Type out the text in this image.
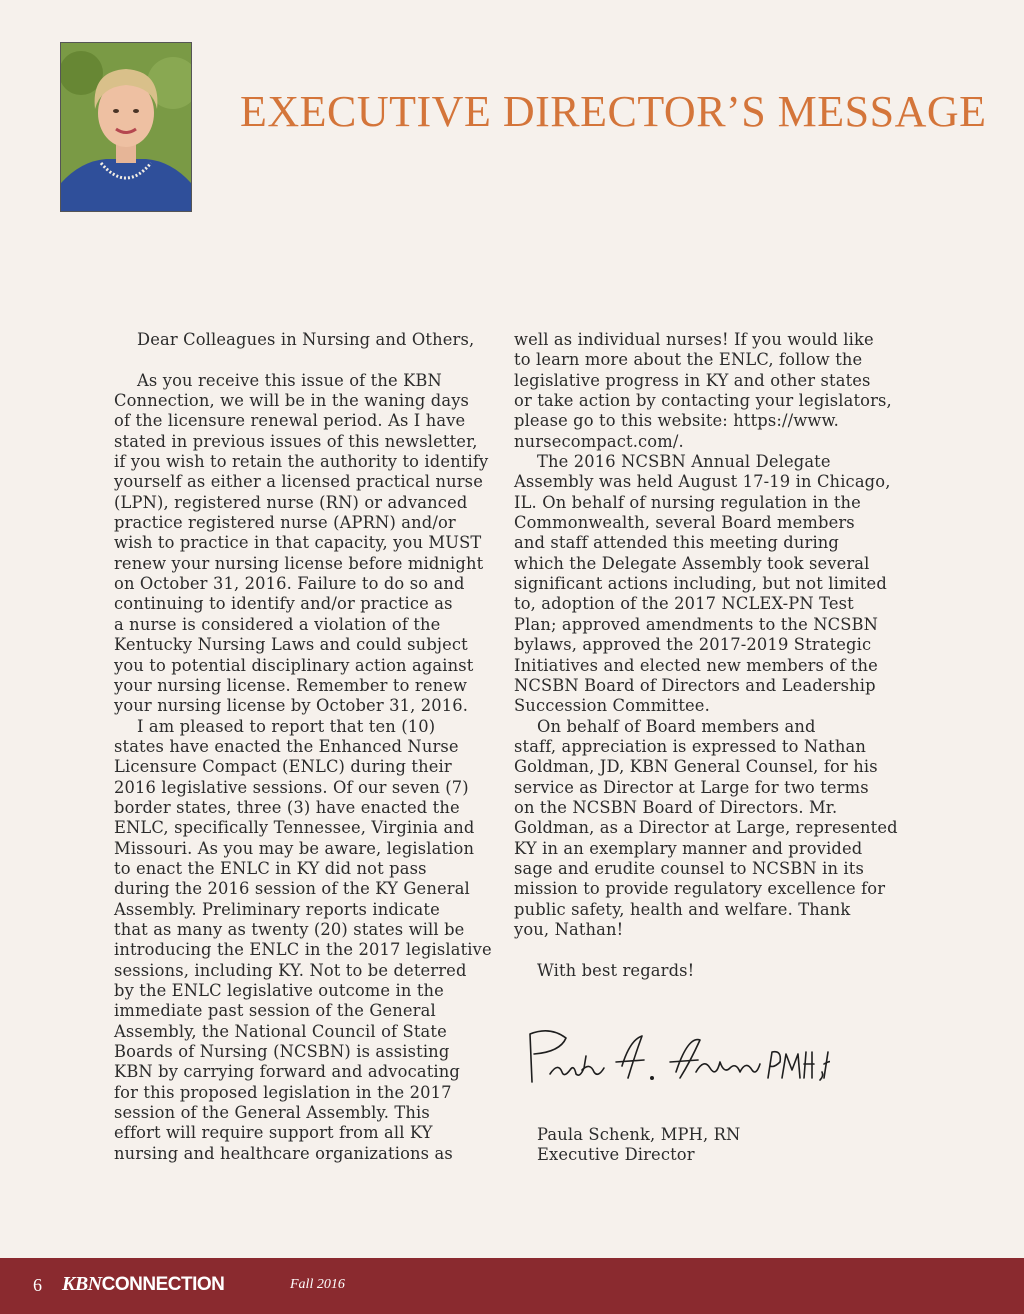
EXECUTIVE DIRECTOR’S MESSAGE
Dear Colleagues in Nursing and Others,
As you receive this issue of the KBN
Connection, we will be in the waning days
of the licensure renewal period. As I have
stated in previous issues of this newsletter,
if you wish to retain the authority to identify
yourself as either a licensed practical nurse
(LPN), registered nurse (RN) or advanced
practice registered nurse (APRN) and/or
wish to practice in that capacity, you MUST
renew your nursing license before midnight
on October 31, 2016. Failure to do so and
continuing to identify and/or practice as
a nurse is considered a violation of the
Kentucky Nursing Laws and could subject
you to potential disciplinary action against
your nursing license. Remember to renew
your nursing license by October 31, 2016.
I am pleased to report that ten (10)
states have enacted the Enhanced Nurse
Licensure Compact (ENLC) during their
2016 legislative sessions. Of our seven (7)
border states, three (3) have enacted the
ENLC, specifically Tennessee, Virginia and
Missouri. As you may be aware, legislation
to enact the ENLC in KY did not pass
during the 2016 session of the KY General
Assembly. Preliminary reports indicate
that as many as twenty (20) states will be
introducing the ENLC in the 2017 legislative
sessions, including KY. Not to be deterred
by the ENLC legislative outcome in the
immediate past session of the General
Assembly, the National Council of State
Boards of Nursing (NCSBN) is assisting
KBN by carrying forward and advocating
for this proposed legislation in the 2017
session of the General Assembly. This
effort will require support from all KY
nursing and healthcare organizations as
well as individual nurses! If you would like
to learn more about the ENLC, follow the
legislative progress in KY and other states
or take action by contacting your legislators,
please go to this website: https://www.
nursecompact.com/.
The 2016 NCSBN Annual Delegate
Assembly was held August 17-19 in Chicago,
IL. On behalf of nursing regulation in the
Commonwealth, several Board members
and staff attended this meeting during
which the Delegate Assembly took several
significant actions including, but not limited
to, adoption of the 2017 NCLEX-PN Test
Plan; approved amendments to the NCSBN
bylaws, approved the 2017-2019 Strategic
Initiatives and elected new members of the
NCSBN Board of Directors and Leadership
Succession Committee.
On behalf of Board members and
staff, appreciation is expressed to Nathan
Goldman, JD, KBN General Counsel, for his
service as Director at Large for two terms
on the NCSBN Board of Directors. Mr.
Goldman, as a Director at Large, represented
KY in an exemplary manner and provided
sage and erudite counsel to NCSBN in its
mission to provide regulatory excellence for
public safety, health and welfare. Thank
you, Nathan!
With best regards!
Paula S. Schenk MPH, RN
Paula Schenk, MPH, RN
Executive Director
6 KBNCONNECTION	Fall 2016
